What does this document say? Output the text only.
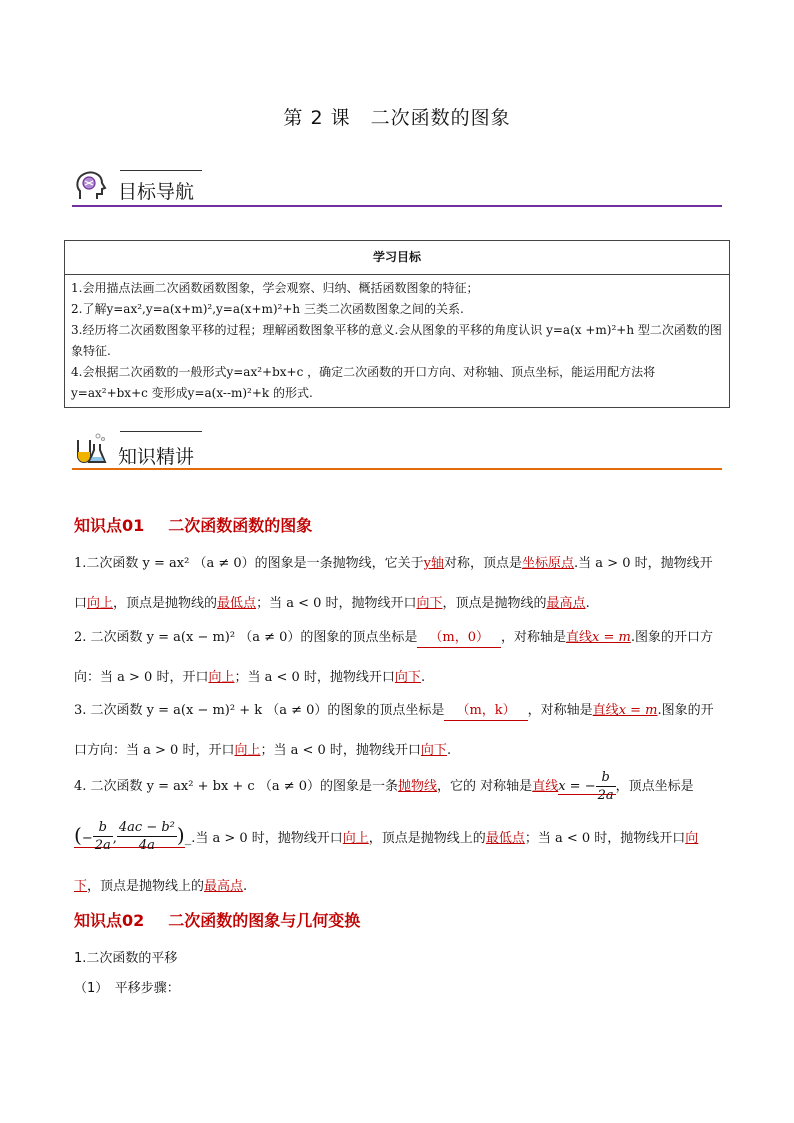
第 2 课　二次函数的图象
目标导航
学习目标

1.会用描点法画二次函数函数图象，学会观察、归纳、概括函数图象的特征；
2.了解y=ax²,y=a(x+m)²,y=a(x+m)²+h 三类二次函数图象之间的关系.
3.经历将二次函数图象平移的过程；理解函数图象平移的意义.会从图象的平移的角度认识 y=a(x +m)²+h 型二次函数的图象特征.
4.会根据二次函数的一般形式y=ax²+bx+c ，确定二次函数的开口方向、对称轴、顶点坐标，能运用配方法将y=ax²+bx+c 变形成y=a(x--m)²+k 的形式.
知识精讲
知识点01 二次函数函数的图象
1.二次函数 y = ax² （a ≠ 0）的图象是一条抛物线，它关于y轴对称，顶点是坐标原点.当 a > 0 时，抛物线开口向上，顶点是抛物线的最低点；当 a < 0 时，抛物线开口向下，顶点是抛物线的最高点.
2. 二次函数 y = a(x − m)² （a ≠ 0）的图象的顶点坐标是 （m，0） ，对称轴是直线x = m.图象的开口方向：当 a > 0 时，开口向上；当 a < 0 时，抛物线开口向下.
3. 二次函数 y = a(x − m)² + k （a ≠ 0）的图象的顶点坐标是 （m，k） ，对称轴是直线x = m.图象的开口方向：当 a > 0 时，开口向上；当 a < 0 时，抛物线开口向下.
4. 二次函数 y = ax² + bx + c （a ≠ 0）的图象是一条抛物线，它的 对称轴是直线x = − $\frac{b}{2a}$ ，顶点坐标是
(− $\frac{b}{2a}$ , $\frac{\text{4ac − b²}}{4a}$ )_.当 a > 0 时，抛物线开口向上，顶点是抛物线上的最低点；当 a < 0 时，抛物线开口向下，顶点是抛物线上的最高点.
知识点02 二次函数的图象与几何变换
1.二次函数的平移
（1）　平移步骤：
